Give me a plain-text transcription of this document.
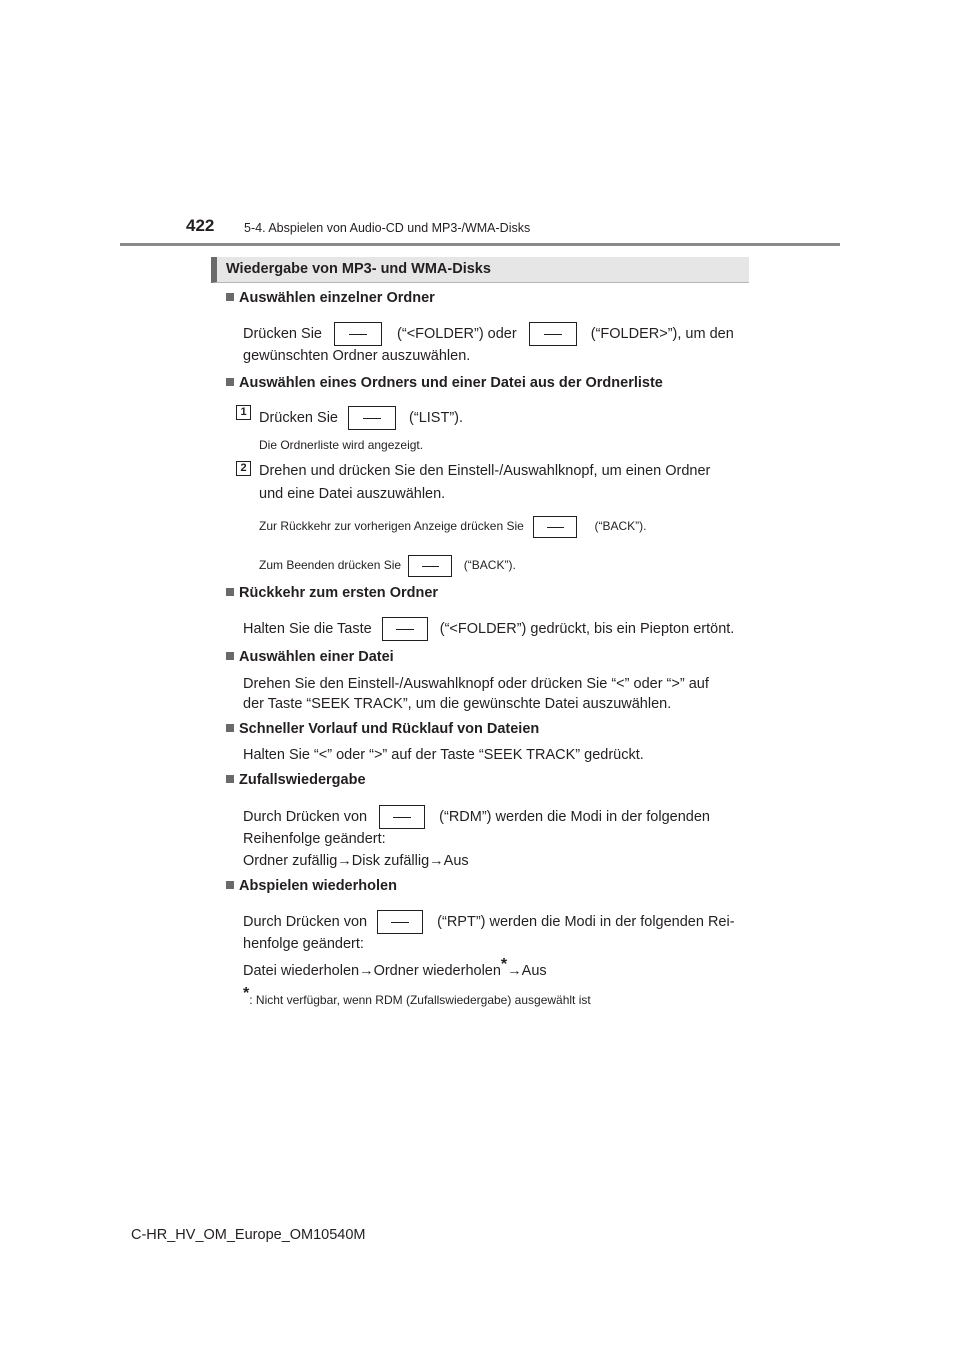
422 5-4. Abspielen von Audio-CD und MP3-/WMA-Disks
Wiedergabe von MP3- und WMA-Disks
Auswählen einzelner Ordner
Drücken Sie	(“<FOLDER”) oder	(“FOLDER>”), um den
gewünschten Ordner auszuwählen.
Auswählen eines Ordners und einer Datei aus der Ordnerliste
1 Drücken Sie	(“LIST”).
Die Ordnerliste wird angezeigt.
2 Drehen und drücken Sie den Einstell-/Auswahlknopf, um einen Ordner
und eine Datei auszuwählen.
Zur Rückkehr zur vorherigen Anzeige drücken Sie	(“BACK”).
Zum Beenden drücken Sie	(“BACK”).
Rückkehr zum ersten Ordner
Halten Sie die Taste	(“<FOLDER”) gedrückt, bis ein Piepton ertönt.
Auswählen einer Datei
Drehen Sie den Einstell-/Auswahlknopf oder drücken Sie “<” oder “>” auf
der Taste “SEEK TRACK”, um die gewünschte Datei auszuwählen.
Schneller Vorlauf und Rücklauf von Dateien
Halten Sie “<” oder “>” auf der Taste “SEEK TRACK” gedrückt.
Zufallswiedergabe
Durch Drücken von	(“RDM”) werden die Modi in der folgenden
Reihenfolge geändert:
Ordner zufällig→Disk zufällig→Aus
Abspielen wiederholen
Durch Drücken von	(“RPT”) werden die Modi in der folgenden Rei-
henfolge geändert:
Datei wiederholen→Ordner wiederholen*→Aus
*: Nicht verfügbar, wenn RDM (Zufallswiedergabe) ausgewählt ist
C-HR_HV_OM_Europe_OM10540M
